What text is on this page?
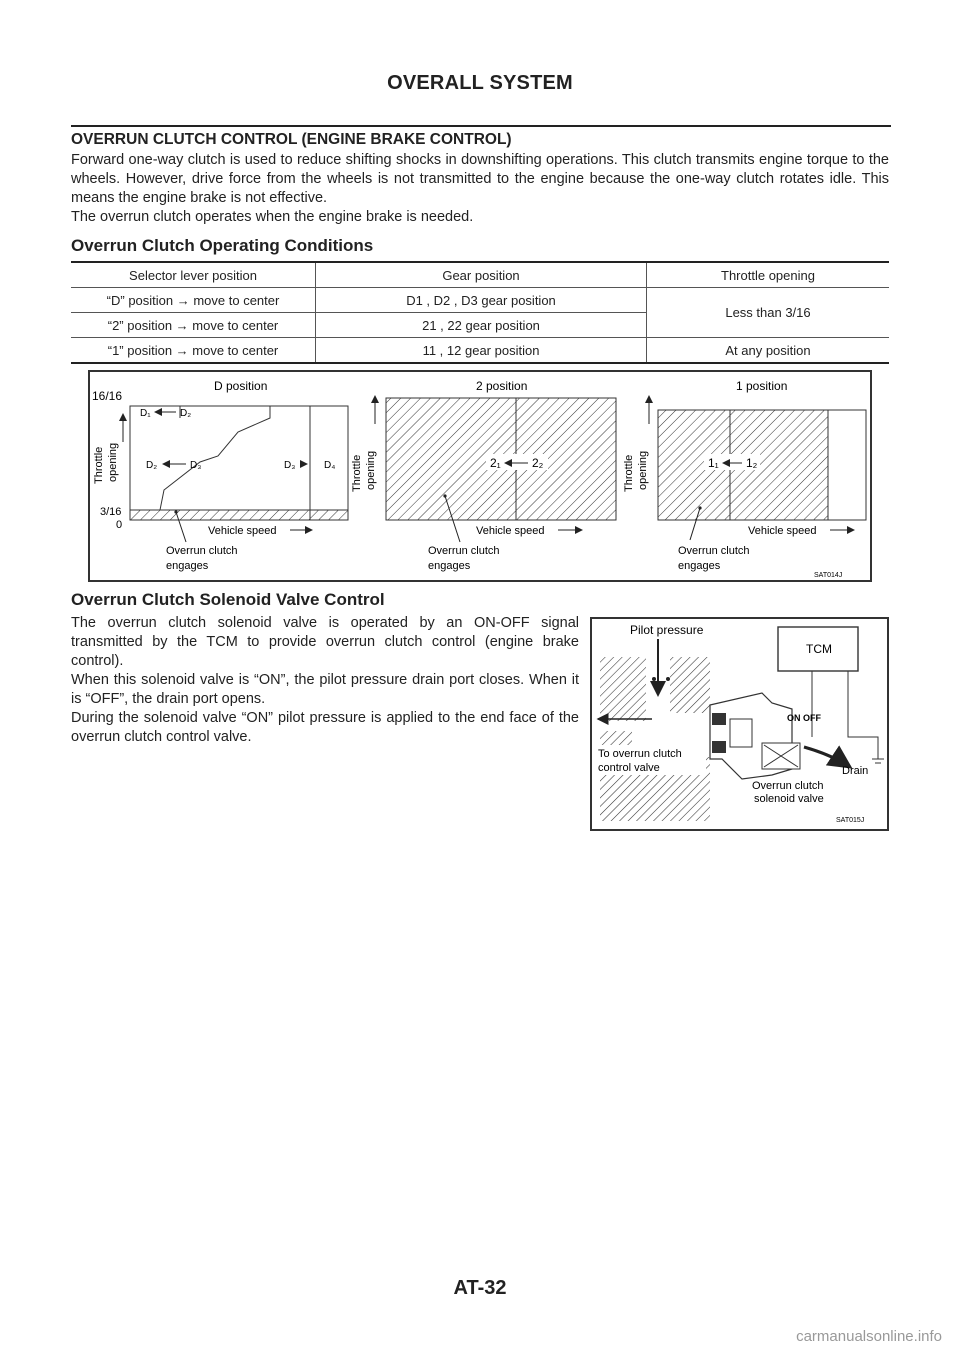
OVERALL SYSTEM
OVERRUN CLUTCH CONTROL (ENGINE BRAKE CONTROL)
Forward one-way clutch is used to reduce shifting shocks in downshifting operations. This clutch transmits engine torque to the wheels. However, drive force from the wheels is not transmitted to the engine because the one-way clutch rotates idle. This means the engine brake is not effective.
The overrun clutch operates when the engine brake is needed.
Overrun Clutch Operating Conditions
Selector lever position	Gear position	Throttle opening
“D” position → move to center	D1 , D2 , D3 gear position	Less than 3/16
“2” position → move to center	21 , 22 gear position	
“1” position → move to center	11 , 12 gear position	At any position
D position
16/16
3/16
0
Throttle opening
D₁	D₂
D₂	D₃	D₃	D₄
Vehicle speed
Overrun clutch
engages
2 position
Throttle opening	2₁	2₂
Vehicle speed
Overrun clutch
engages
1 position
Throttle opening	1₁ 1₂
Vehicle speed
Overrun clutch
engages
SAT014J
Overrun Clutch Solenoid Valve Control
The overrun clutch solenoid valve is operated by an ON-OFF signal transmitted by the TCM to provide overrun clutch control (engine brake control).
When this solenoid valve is “ON”, the pilot pressure drain port closes. When it is “OFF”, the drain port opens.
During the solenoid valve “ON” pilot pressure is applied to the end face of the overrun clutch control valve.
Pilot pressure
TCM
ON OFF
To overrun clutch
control valve	Drain
Overrun clutch
solenoid valve
SAT015J
AT-32
carmanualsonline.info
